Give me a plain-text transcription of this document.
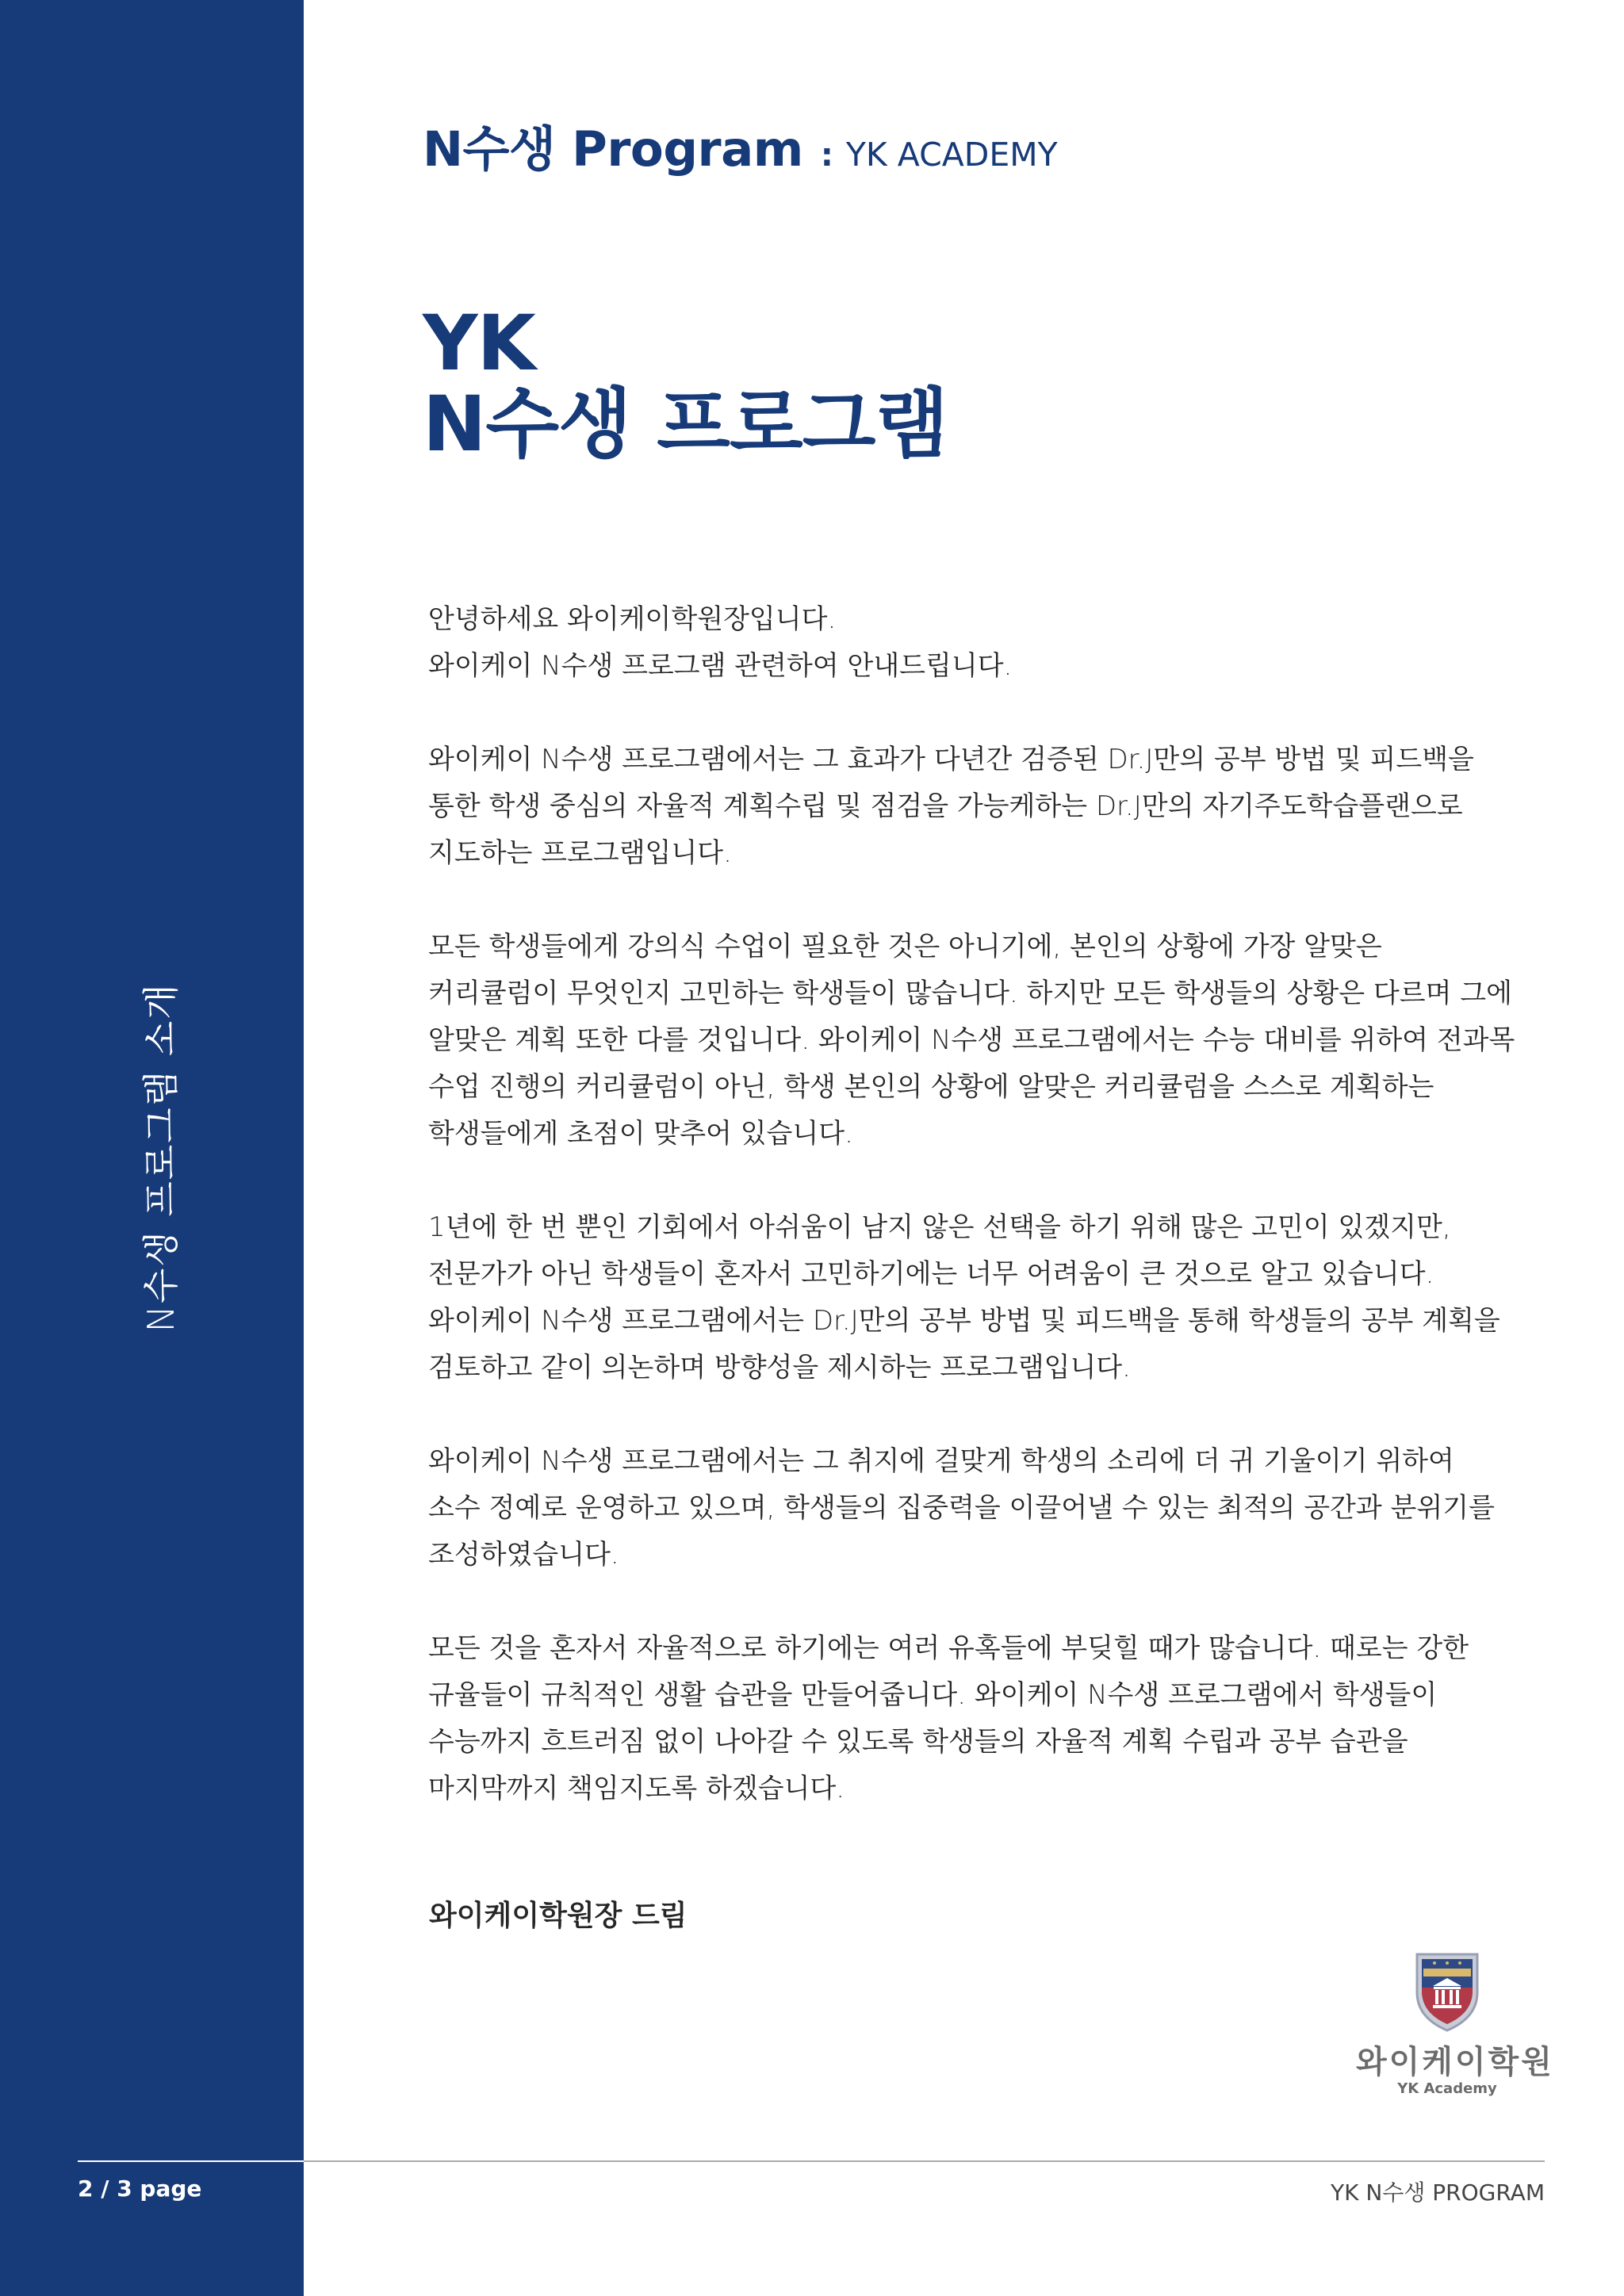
N수생 프로그램 소개
2 / 3 page
N수생 Program : YK ACADEMY
YK
N수생 프로그램

안녕하세요 와이케이학원장입니다.
와이케이 N수생 프로그램 관련하여 안내드립니다.

와이케이 N수생 프로그램에서는 그 효과가 다년간 검증된 Dr.J만의 공부 방법 및 피드백을
통한 학생 중심의 자율적 계획수립 및 점검을 가능케하는 Dr.J만의 자기주도학습플랜으로
지도하는 프로그램입니다.

모든 학생들에게 강의식 수업이 필요한 것은 아니기에, 본인의 상황에 가장 알맞은
커리큘럼이 무엇인지 고민하는 학생들이 많습니다. 하지만 모든 학생들의 상황은 다르며 그에
알맞은 계획 또한 다를 것입니다. 와이케이 N수생 프로그램에서는 수능 대비를 위하여 전과목
수업 진행의 커리큘럼이 아닌, 학생 본인의 상황에 알맞은 커리큘럼을 스스로 계획하는
학생들에게 초점이 맞추어 있습니다.

1년에 한 번 뿐인 기회에서 아쉬움이 남지 않은 선택을 하기 위해 많은 고민이 있겠지만,
전문가가 아닌 학생들이 혼자서 고민하기에는 너무 어려움이 큰 것으로 알고 있습니다.
와이케이 N수생 프로그램에서는 Dr.J만의 공부 방법 및 피드백을 통해 학생들의 공부 계획을
검토하고 같이 의논하며 방향성을 제시하는 프로그램입니다.

와이케이 N수생 프로그램에서는 그 취지에 걸맞게 학생의 소리에 더 귀 기울이기 위하여
소수 정예로 운영하고 있으며, 학생들의 집중력을 이끌어낼 수 있는 최적의 공간과 분위기를
조성하였습니다.

모든 것을 혼자서 자율적으로 하기에는 여러 유혹들에 부딪힐 때가 많습니다. 때로는 강한
규율들이 규칙적인 생활 습관을 만들어줍니다. 와이케이 N수생 프로그램에서 학생들이
수능까지 흐트러짐 없이 나아갈 수 있도록 학생들의 자율적 계획 수립과 공부 습관을
마지막까지 책임지도록 하겠습니다.

와이케이학원장 드림
와이케이학원
YK Academy
YK N수생 PROGRAM
